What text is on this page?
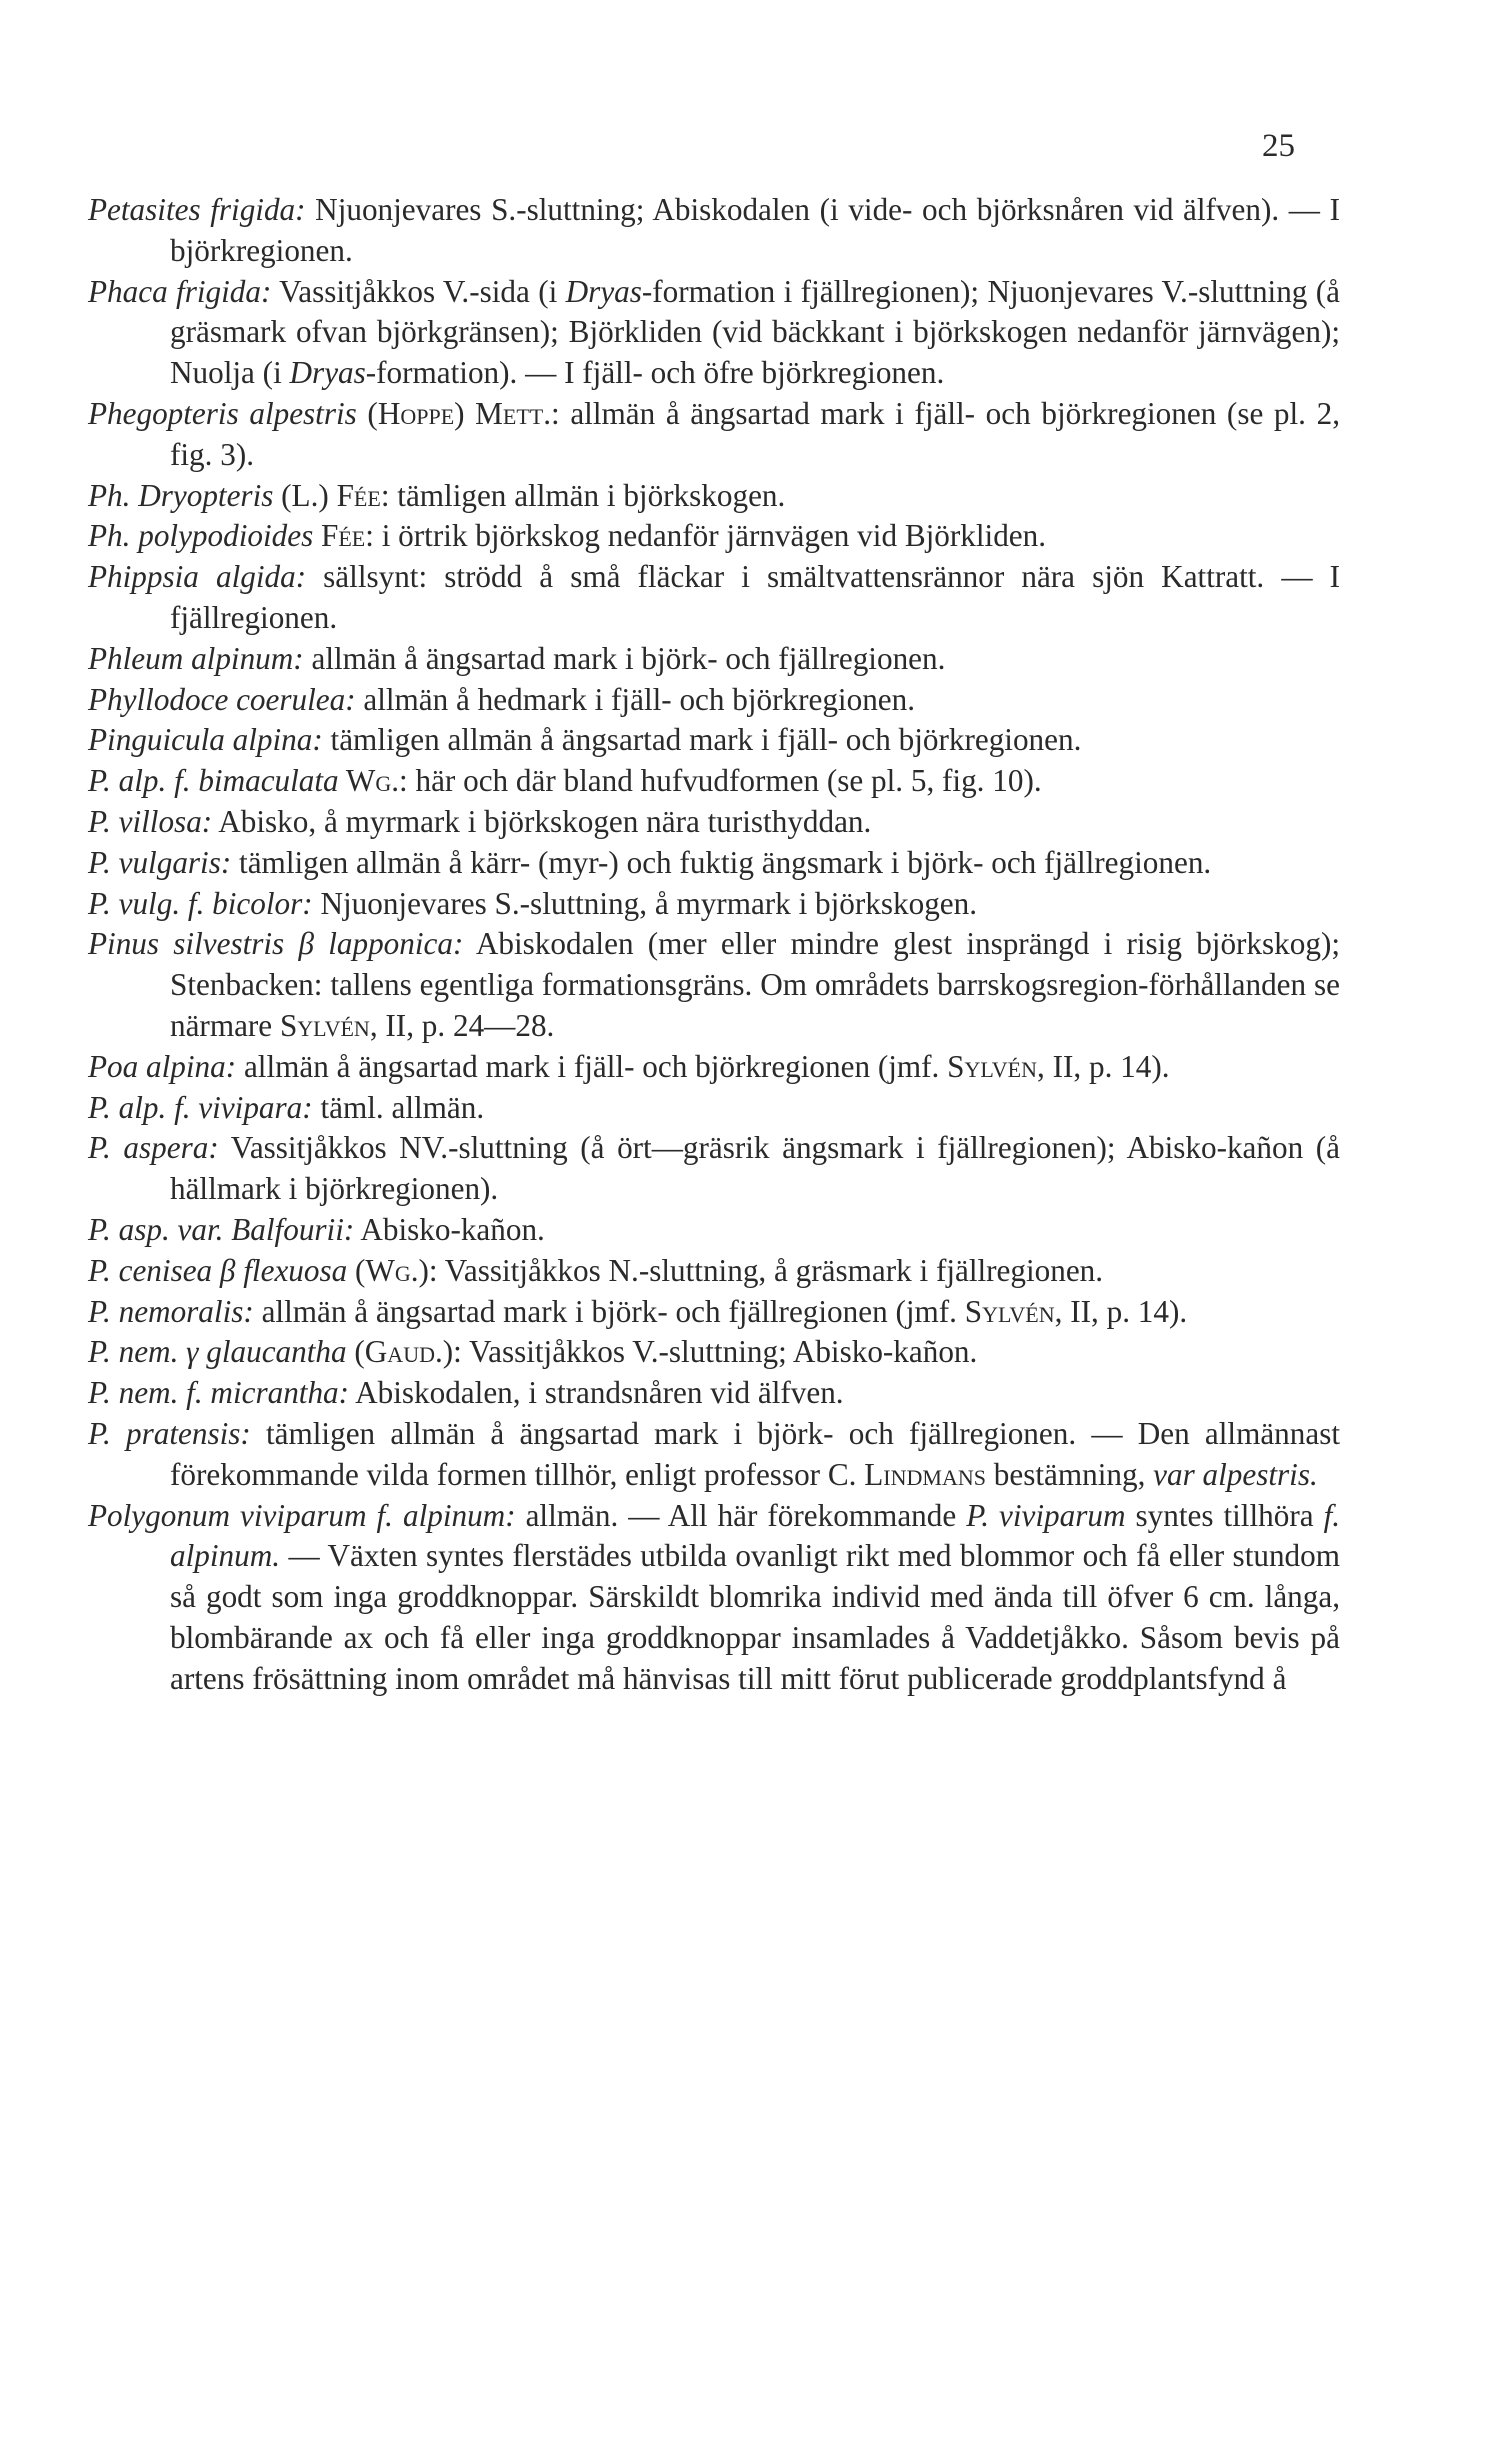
25
Petasites frigida: Njuonjevares S.-sluttning; Abiskodalen (i vide- och björksnåren vid älfven). — I björkregionen.
Phaca frigida: Vassitjåkkos V.-sida (i Dryas-formation i fjällregionen); Njuonjevares V.-sluttning (å gräsmark ofvan björkgränsen); Björkliden (vid bäckkant i björkskogen nedanför järnvägen); Nuolja (i Dryas-formation). — I fjäll- och öfre björkregionen.
Phegopteris alpestris (Hoppe) Mett.: allmän å ängsartad mark i fjäll- och björkregionen (se pl. 2, fig. 3).
Ph. Dryopteris (L.) Fée: tämligen allmän i björkskogen.
Ph. polypodioides Fée: i örtrik björkskog nedanför järnvägen vid Björkliden.
Phippsia algida: sällsynt: strödd å små fläckar i smältvattensrännor nära sjön Kattratt. — I fjällregionen.
Phleum alpinum: allmän å ängsartad mark i björk- och fjällregionen.
Phyllodoce coerulea: allmän å hedmark i fjäll- och björkregionen.
Pinguicula alpina: tämligen allmän å ängsartad mark i fjäll- och björkregionen.
P. alp. f. bimaculata Wg.: här och där bland hufvudformen (se pl. 5, fig. 10).
P. villosa: Abisko, å myrmark i björkskogen nära turisthyddan.
P. vulgaris: tämligen allmän å kärr- (myr-) och fuktig ängsmark i björk- och fjällregionen.
P. vulg. f. bicolor: Njuonjevares S.-sluttning, å myrmark i björkskogen.
Pinus silvestris β lapponica: Abiskodalen (mer eller mindre glest insprängd i risig björkskog); Stenbacken: tallens egentliga formationsgräns. Om områdets barrskogsregion-förhållanden se närmare Sylvén, II, p. 24—28.
Poa alpina: allmän å ängsartad mark i fjäll- och björkregionen (jmf. Sylvén, II, p. 14).
P. alp. f. vivipara: täml. allmän.
P. aspera: Vassitjåkkos NV.-sluttning (å ört—gräsrik ängsmark i fjällregionen); Abisko-kañon (å hällmark i björkregionen).
P. asp. var. Balfourii: Abisko-kañon.
P. cenisea β flexuosa (Wg.): Vassitjåkkos N.-sluttning, å gräsmark i fjällregionen.
P. nemoralis: allmän å ängsartad mark i björk- och fjällregionen (jmf. Sylvén, II, p. 14).
P. nem. γ glaucantha (Gaud.): Vassitjåkkos V.-sluttning; Abisko-kañon.
P. nem. f. micrantha: Abiskodalen, i strandsnåren vid älfven.
P. pratensis: tämligen allmän å ängsartad mark i björk- och fjällregionen. — Den allmännast förekommande vilda formen tillhör, enligt professor C. Lindmans bestämning, var alpestris.
Polygonum viviparum f. alpinum: allmän. — All här förekommande P. viviparum syntes tillhöra f. alpinum. — Växten syntes flerstädes utbilda ovanligt rikt med blommor och få eller stundom så godt som inga groddknoppar. Särskildt blomrika individ med ända till öfver 6 cm. långa, blombärande ax och få eller inga groddknoppar insamlades å Vaddetjåkko. Såsom bevis på artens frösättning inom området må hänvisas till mitt förut publicerade groddplantsfynd å
